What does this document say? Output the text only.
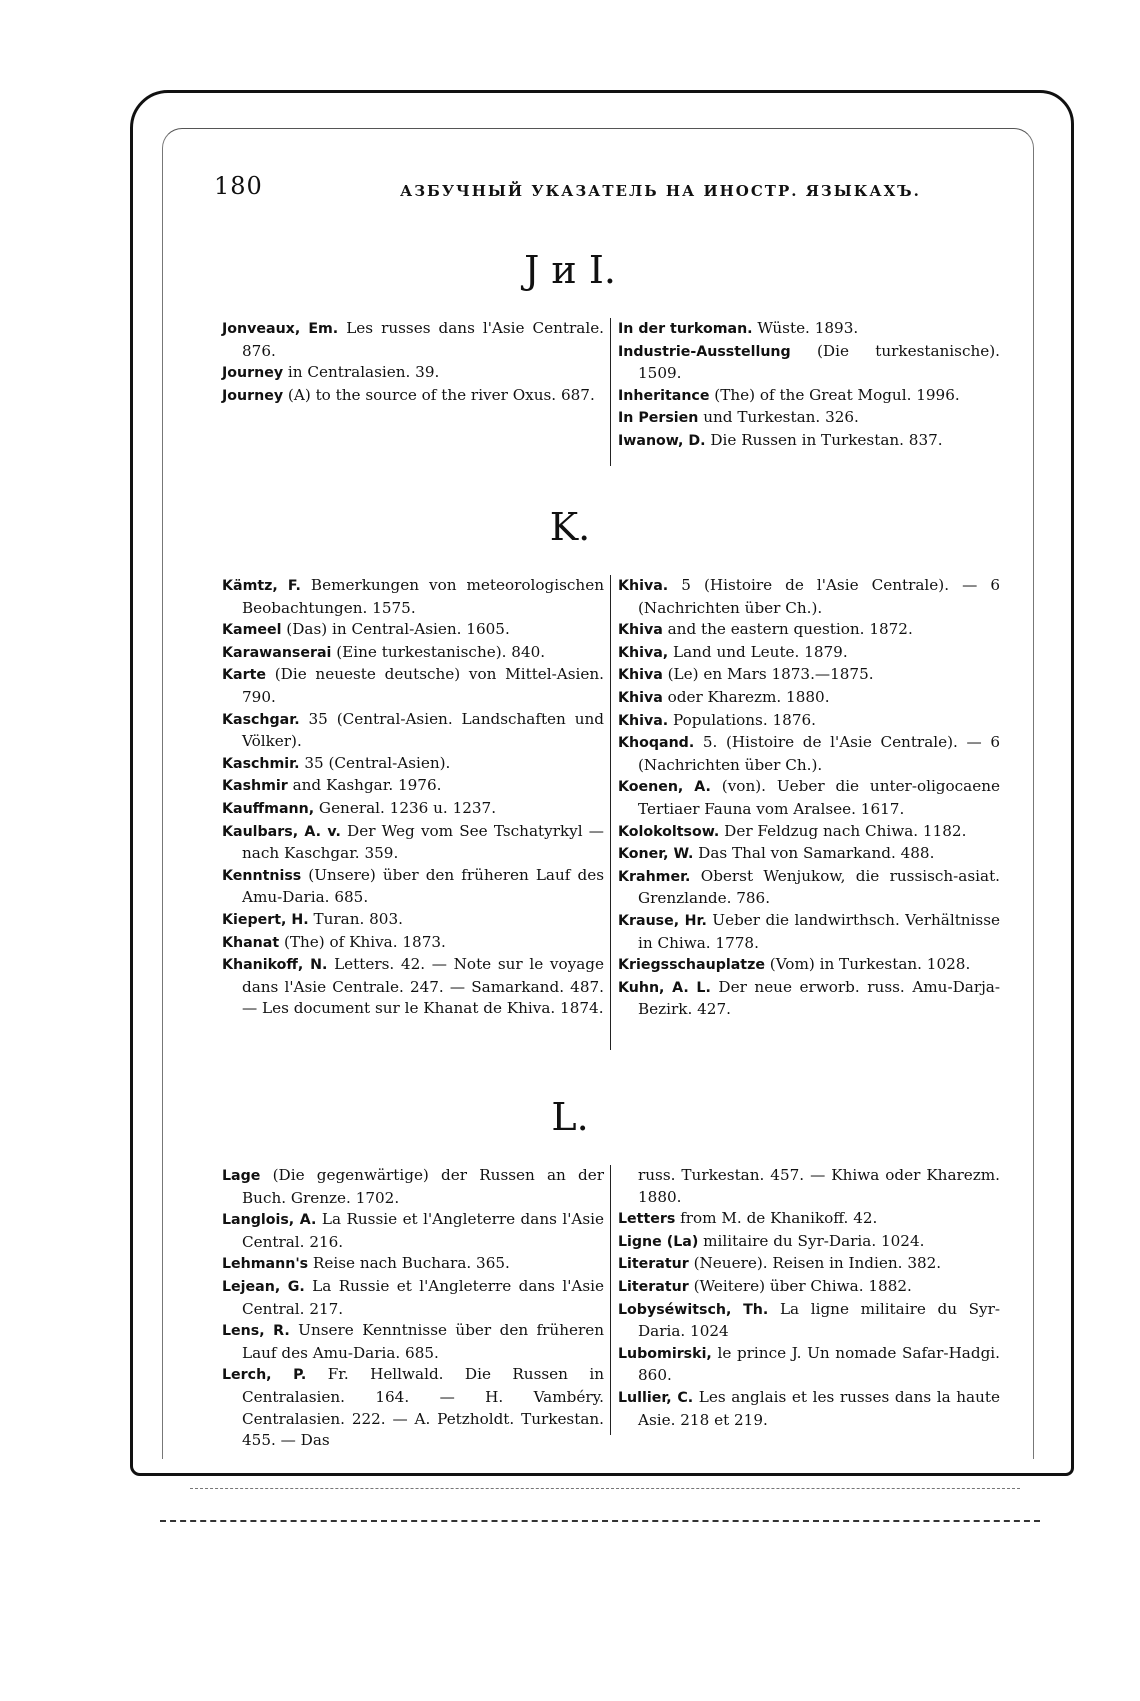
180	АЗБУЧНЫЙ УКАЗАТЕЛЬ НА ИНОСТР. ЯЗЫКАХЪ.
J и I.

Jonveaux, Em. Les russes dans l'Asie Centrale. 876.

Journey in Centralasien. 39.

Journey (A) to the source of the river Oxus. 687.

In der turkoman. Wüste. 1893.

Industrie-Ausstellung (Die turkestanische). 1509.

Inheritance (The) of the Great Mogul. 1996.

In Persien und Turkestan. 326.

Iwanow, D. Die Russen in Turkestan. 837.

K.

Kämtz, F. Bemerkungen von meteorologischen Beobachtungen. 1575.

Kameel (Das) in Central-Asien. 1605.

Karawanserai (Eine turkestanische). 840.

Karte (Die neueste deutsche) von Mittel-Asien. 790.

Kaschgar. 35 (Central-Asien. Landschaften und Völker).

Kaschmir. 35 (Central-Asien).

Kashmir and Kashgar. 1976.

Kauffmann, General. 1236 u. 1237.

Kaulbars, A. v. Der Weg vom See Tschatyrkyl — nach Kaschgar. 359.

Kenntniss (Unsere) über den früheren Lauf des Amu-Daria. 685.

Kiepert, H. Turan. 803.

Khanat (The) of Khiva. 1873.

Khanikoff, N. Letters. 42. — Note sur le voyage dans l'Asie Centrale. 247. — Samarkand. 487. — Les document sur le Khanat de Khiva. 1874.

Khiva. 5 (Histoire de l'Asie Centrale). — 6 (Nachrichten über Ch.).

Khiva and the eastern question. 1872.

Khiva, Land und Leute. 1879.

Khiva (Le) en Mars 1873.—1875.

Khiva oder Kharezm. 1880.

Khiva. Populations. 1876.

Khoqand. 5. (Histoire de l'Asie Centrale). — 6 (Nachrichten über Ch.).

Koenen, A. (von). Ueber die unter-oligocaene Tertiaer Fauna vom Aralsee. 1617.

Kolokoltsow. Der Feldzug nach Chiwa. 1182.

Koner, W. Das Thal von Samarkand. 488.

Krahmer. Oberst Wenjukow, die russisch-asiat. Grenzlande. 786.

Krause, Hr. Ueber die landwirthsch. Verhältnisse in Chiwa. 1778.

Kriegsschauplatze (Vom) in Turkestan. 1028.

Kuhn, A. L. Der neue erworb. russ. Amu-Darja-Bezirk. 427.

L.

Lage (Die gegenwärtige) der Russen an der Buch. Grenze. 1702.

Langlois, A. La Russie et l'Angleterre dans l'Asie Central. 216.

Lehmann's Reise nach Buchara. 365.

Lejean, G. La Russie et l'Angleterre dans l'Asie Central. 217.

Lens, R. Unsere Kenntnisse über den früheren Lauf des Amu-Daria. 685.

Lerch, P. Fr. Hellwald. Die Russen in Centralasien. 164. — H. Vambéry. Centralasien. 222. — A. Petzholdt. Turkestan. 455. — Das

russ. Turkestan. 457. — Khiwa oder Kharezm. 1880.

Letters from M. de Khanikoff. 42.

Ligne (La) militaire du Syr-Daria. 1024.

Literatur (Neuere). Reisen in Indien. 382.

Literatur (Weitere) über Chiwa. 1882.

Lobyséwitsch, Th. La ligne militaire du Syr-Daria. 1024

Lubomirski, le prince J. Un nomade Safar-Hadgi. 860.

Lullier, C. Les anglais et les russes dans la haute Asie. 218 et 219.
